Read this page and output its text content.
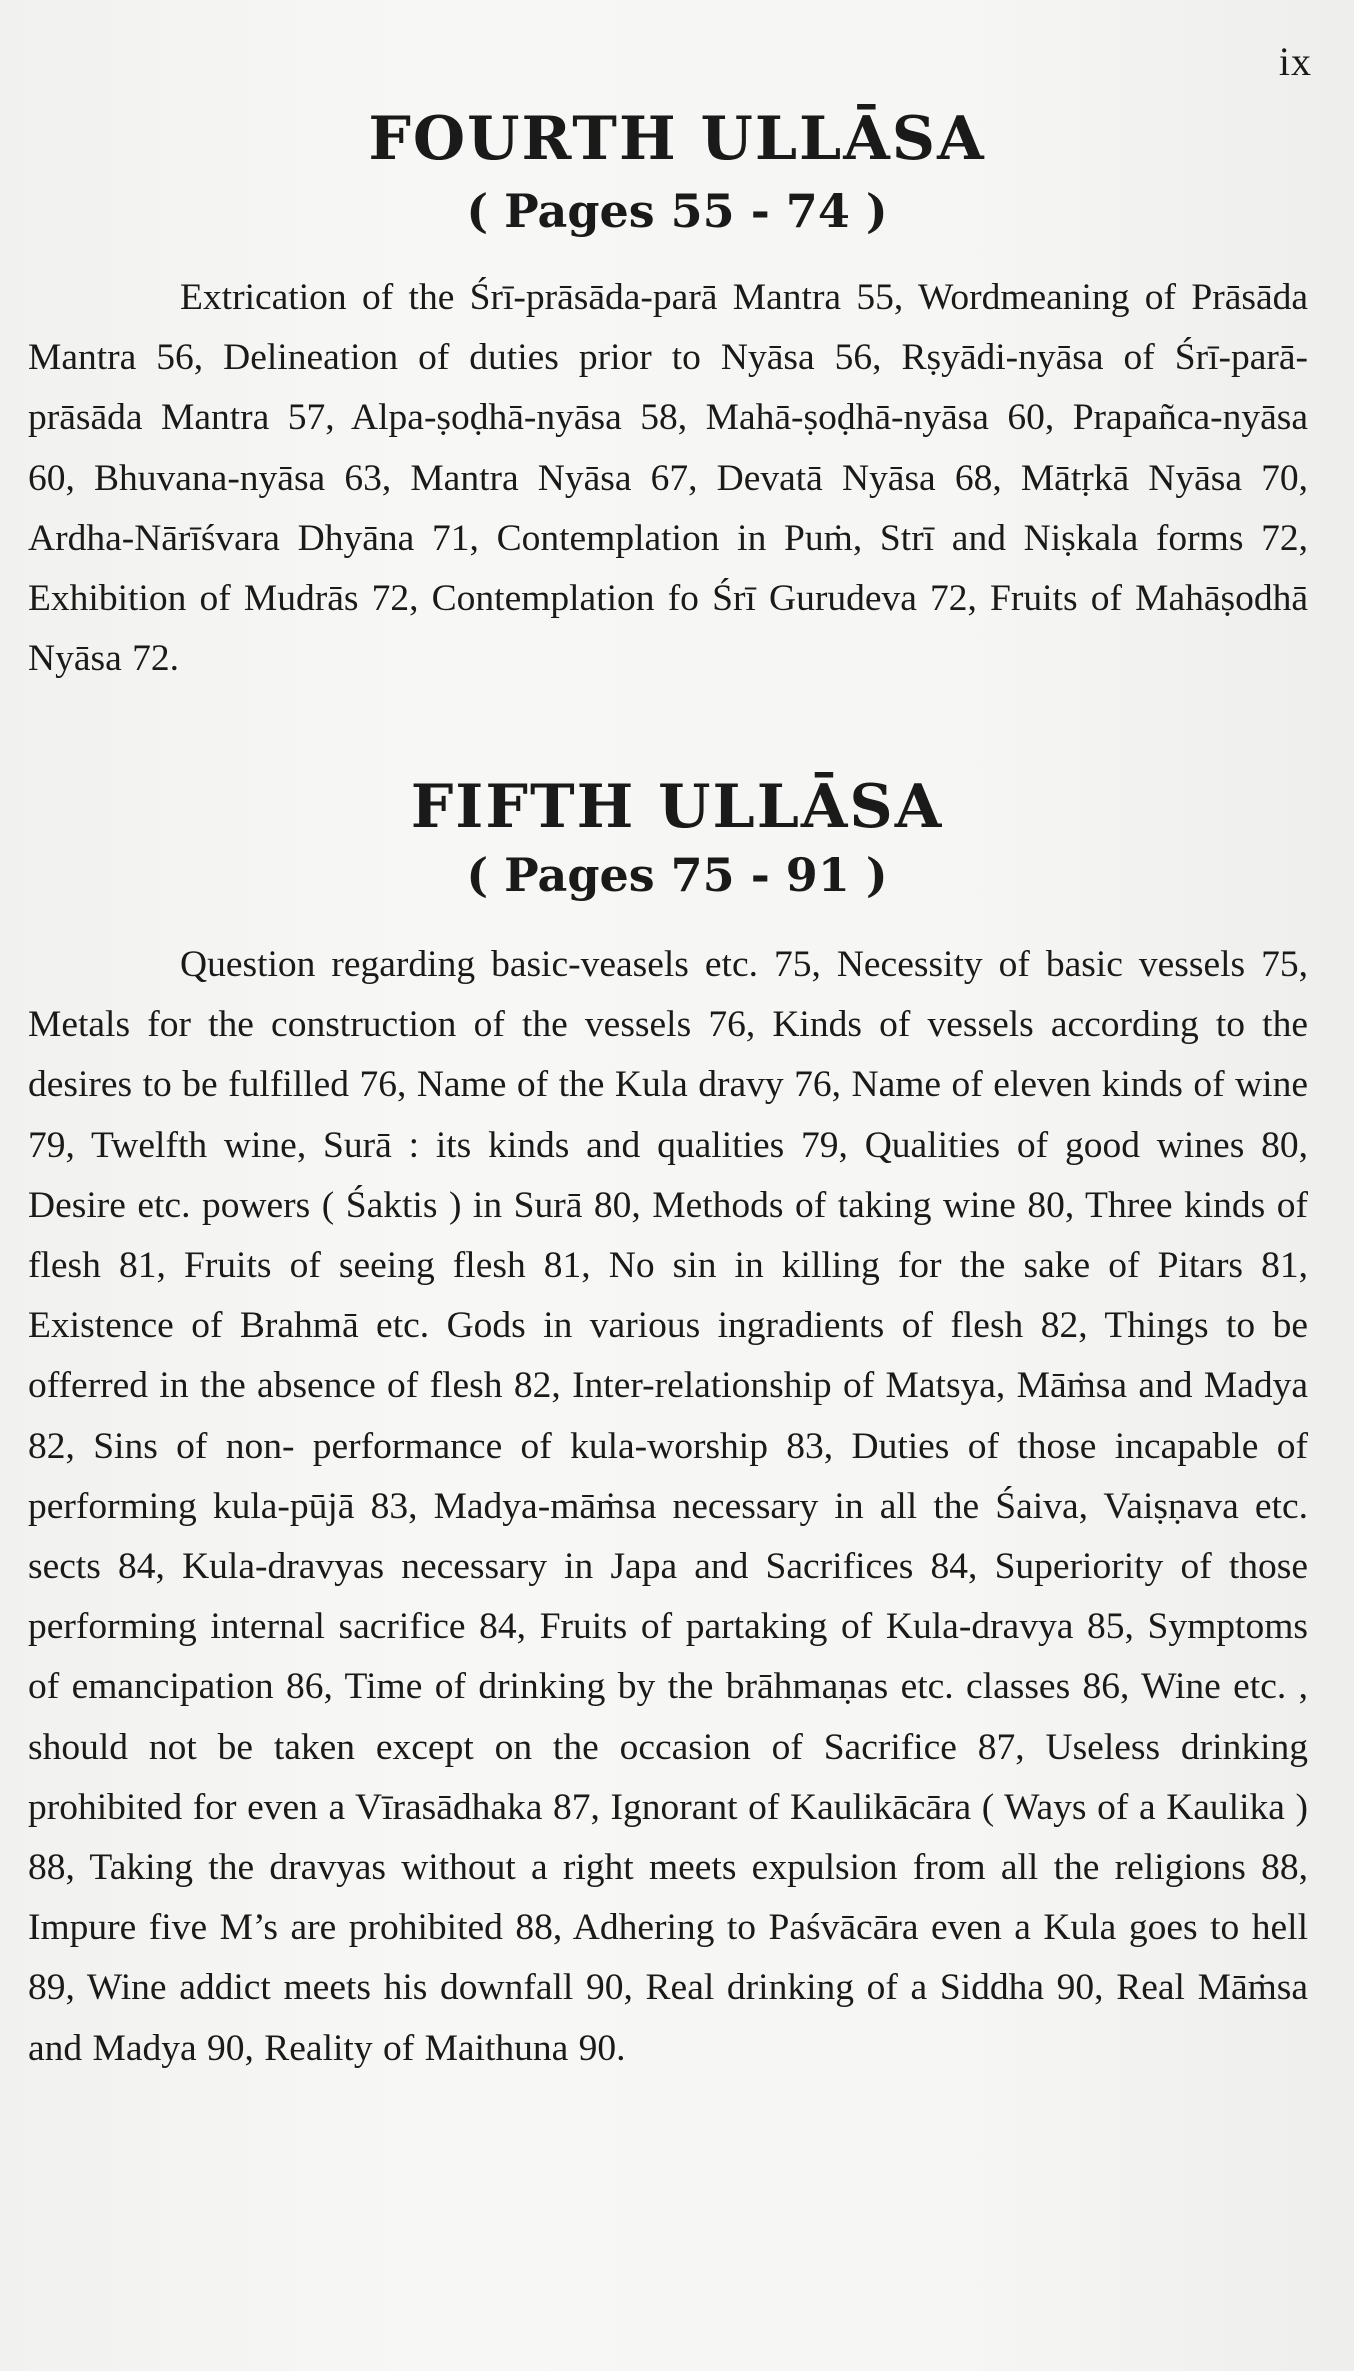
ix
FOURTH ULLĀSA
( Pages 55 - 74 )

Extrication of the Śrī-prāsāda-parā Mantra 55, Wordmeaning of Prāsāda Mantra 56, Delineation of duties prior to Nyāsa 56, Rṣyādi-nyāsa of Śrī-parā-prāsāda Mantra 57, Alpa-ṣoḍhā-nyāsa 58, Mahā-ṣoḍhā-nyāsa 60, Prapañca-nyāsa 60, Bhuvana-nyāsa 63, Mantra Nyāsa 67, Devatā Nyāsa 68, Mātṛkā Nyāsa 70, Ardha-Nārīśvara Dhyāna 71, Contemplation in Puṁ, Strī and Niṣkala forms 72, Exhibition of Mudrās 72, Contemplation fo Śrī Gurudeva 72, Fruits of Mahāṣodhā Nyāsa 72.

FIFTH ULLĀSA
( Pages 75 - 91 )

Question regarding basic-veasels etc. 75, Necessity of basic vessels 75, Metals for the construction of the vessels 76, Kinds of vessels according to the desires to be fulfilled 76, Name of the Kula dravy 76, Name of eleven kinds of wine 79, Twelfth wine, Surā : its kinds and qualities 79, Qualities of good wines 80, Desire etc. powers ( Śaktis ) in Surā 80, Methods of taking wine 80, Three kinds of flesh 81, Fruits of seeing flesh 81, No sin in killing for the sake of Pitars 81, Existence of Brahmā etc. Gods in various ingradients of flesh 82, Things to be offerred in the absence of flesh 82, Inter-relationship of Matsya, Māṁsa and Madya 82, Sins of non- performance of kula-worship 83, Duties of those incapable of performing kula-pūjā 83, Madya-māṁsa necessary in all the Śaiva, Vaiṣṇava etc. sects 84, Kula-dravyas necessary in Japa and Sacrifices 84, Superiority of those performing internal sacrifice 84, Fruits of partaking of Kula-dravya 85, Symptoms of emancipation 86, Time of drinking by the brāhmaṇas etc. classes 86, Wine etc. , should not be taken except on the occasion of Sacrifice 87, Useless drinking prohibited for even a Vīrasādhaka 87, Ignorant of Kaulikācāra ( Ways of a Kaulika ) 88, Taking the dravyas without a right meets expulsion from all the religions 88, Impure five M’s are prohibited 88, Adhering to Paśvācāra even a Kula goes to hell 89, Wine addict meets his downfall 90, Real drinking of a Siddha 90, Real Māṁsa and Madya 90, Reality of Maithuna 90.
